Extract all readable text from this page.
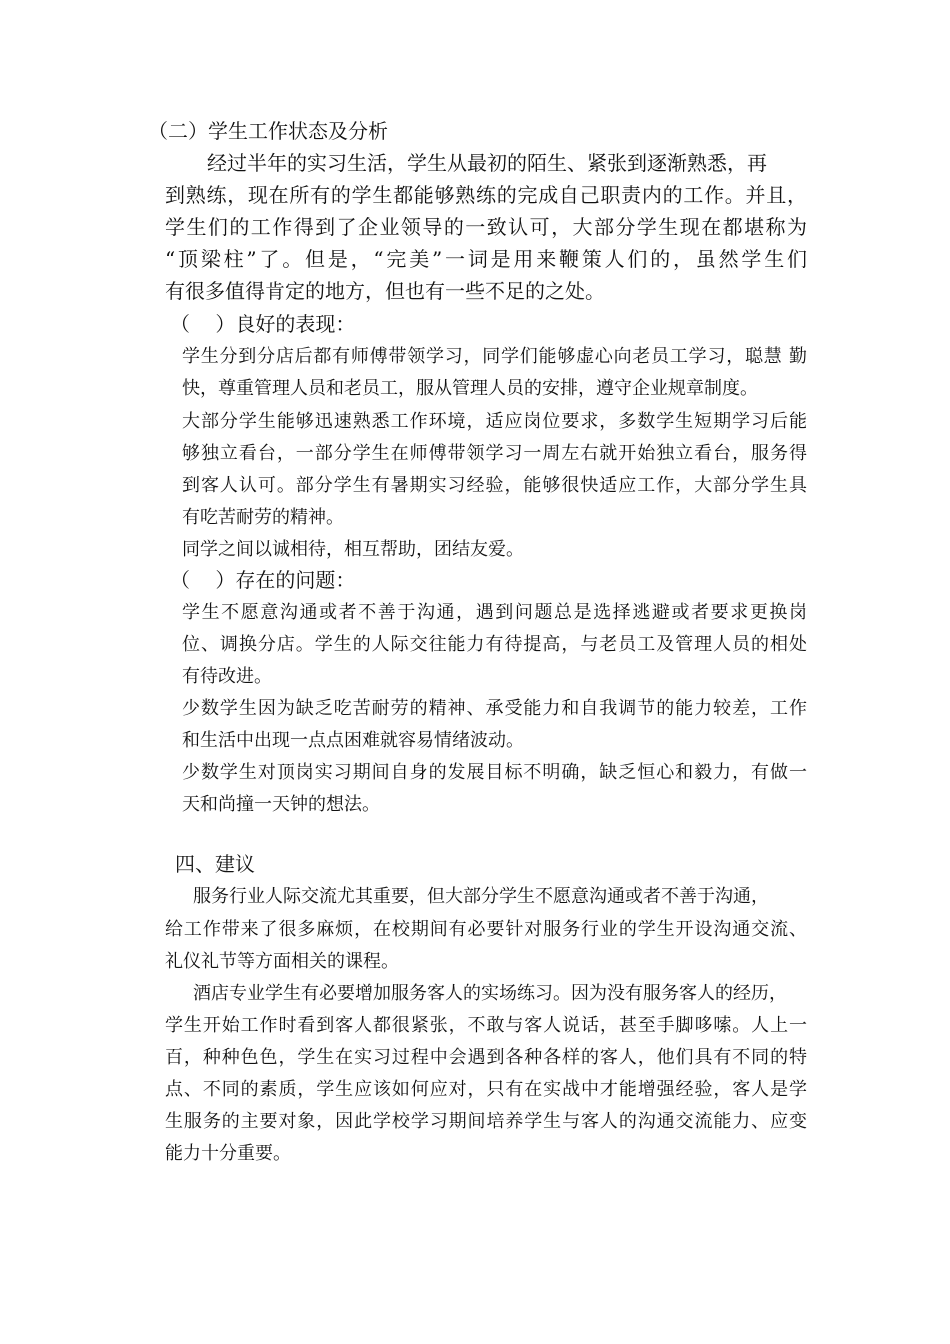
（二）学生工作状态及分析
经过半年的实习生活，学生从最初的陌生、紧张到逐渐熟悉，再
到熟练，现在所有的学生都能够熟练的完成自己职责内的工作。并且，
学生们的工作得到了企业领导的一致认可，大部分学生现在都堪称为
“顶梁柱”了。但是，“完美”一词是用来鞭策人们的，虽然学生们
有很多值得肯定的地方，但也有一些不足的之处。
（    ）良好的表现：
学生分到分店后都有师傅带领学习，同学们能够虚心向老员工学习，聪慧 勤
快，尊重管理人员和老员工，服从管理人员的安排，遵守企业规章制度。
大部分学生能够迅速熟悉工作环境，适应岗位要求，多数学生短期学习后能
够独立看台，一部分学生在师傅带领学习一周左右就开始独立看台，服务得
到客人认可。部分学生有暑期实习经验，能够很快适应工作，大部分学生具
有吃苦耐劳的精神。
同学之间以诚相待，相互帮助，团结友爱。
（    ）存在的问题：
学生不愿意沟通或者不善于沟通，遇到问题总是选择逃避或者要求更换岗
位、调换分店。学生的人际交往能力有待提高，与老员工及管理人员的相处
有待改进。
少数学生因为缺乏吃苦耐劳的精神、承受能力和自我调节的能力较差，工作
和生活中出现一点点困难就容易情绪波动。
少数学生对顶岗实习期间自身的发展目标不明确，缺乏恒心和毅力，有做一
天和尚撞一天钟的想法。
四、建议
服务行业人际交流尤其重要，但大部分学生不愿意沟通或者不善于沟通，
给工作带来了很多麻烦，在校期间有必要针对服务行业的学生开设沟通交流、
礼仪礼节等方面相关的课程。
酒店专业学生有必要增加服务客人的实场练习。因为没有服务客人的经历，
学生开始工作时看到客人都很紧张，不敢与客人说话，甚至手脚哆嗦。人上一
百，种种色色，学生在实习过程中会遇到各种各样的客人，他们具有不同的特
点、不同的素质，学生应该如何应对，只有在实战中才能增强经验，客人是学
生服务的主要对象，因此学校学习期间培养学生与客人的沟通交流能力、应变
能力十分重要。
